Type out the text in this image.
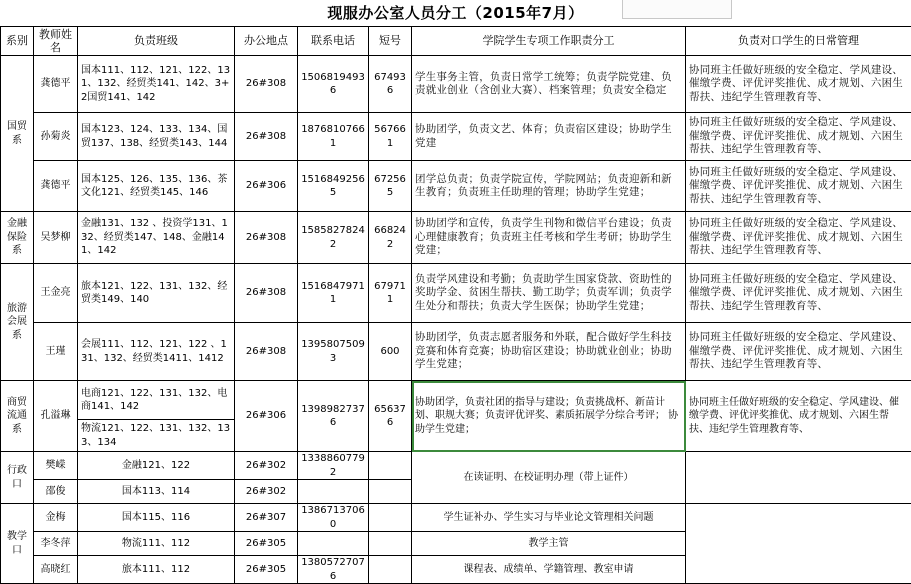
现服办公室人员分工（2015年7月）
系别	教师姓名	负责班级	办公地点	联系电话	短号	学院学生专项工作职责分工	负责对口学生的日常管理
国贸系	龚德平	国本111、112、121、122、131、132、经贸类141、142、3+2国贸141、142	26#308	15068194936	674936	学生事务主管，负责日常学工统筹；负责学院党建、负责就业创业（含创业大赛）、档案管理；负责安全稳定	协同班主任做好班级的安全稳定、学风建设、催缴学费、评优评奖推优、成才规划、六困生帮扶、违纪学生管理教育等、
	孙菊炎	国本123、124、133、134、国贸137、138、经贸类143、144	26#308	18768107661	567661	协助团学，负责文艺、体育；负责宿区建设；协助学生党建	协同班主任做好班级的安全稳定、学风建设、催缴学费、评优评奖推优、成才规划、六困生帮扶、违纪学生管理教育等、
	龚德平	国本125、126、135、136、茶文化121、经贸类145、146	26#306	15168492565	672565	团学总负责；负责学院宣传，学院网站；负责迎新和新生教育；负责班主任助理的管理；协助学生党建；	协同班主任做好班级的安全稳定、学风建设、催缴学费、评优评奖推优、成才规划、六困生帮扶、违纪学生管理教育等、
金融保险系	吴梦柳	金融131、132 、投资学131、132、经贸类147、148、金融141、142	26#308	15858278242	668242	协助团学和宣传，负责学生刊物和微信平台建设；负责心理健康教育；负责班主任考核和学生考研；协助学生党建；	协同班主任做好班级的安全稳定、学风建设、催缴学费、评优评奖推优、成才规划、六困生帮扶、违纪学生管理教育等、
旅游会展系	王金亮	旅本121、122、131、132、经贸类149、140	26#308	15168479711	679711	负责学风建设和考勤；负责助学生国家贷款、资助性的奖助学金、贫困生帮扶、勤工助学；负责军训；负责学生处分和帮扶；负责大学生医保；协助学生党建；	协同班主任做好班级的安全稳定、学风建设、催缴学费、评优评奖推优、成才规划、六困生帮扶、违纪学生管理教育等、
	王瑾	会展111、112、121、122 、131、132、经贸类1411、1412	26#308	13958075093	600	协助团学，负责志愿者服务和外联，配合做好学生科技竞赛和体育竞赛；协助宿区建设；协助就业创业；协助学生党建；	协同班主任做好班级的安全稳定、学风建设、催缴学费、评优评奖推优、成才规划、六困生帮扶、违纪学生管理教育等、
商贸流通系	孔溢琳	电商121、122、131、132、电商141、142	26#306	13989827376	656376	协助团学，负责社团的指导与建设；负责挑战杯、新苗计划、职规大赛；负责评优评奖、素质拓展学分综合考评； 协助学生党建；	协同班主任做好班级的安全稳定、学风建设、催缴学费、评优评奖推优、成才规划、六困生帮扶、违纪学生管理教育等、
		物流121、122、131、132、133、134					
行政口	樊嵘	金融121、122	26#302	13388607792		在读证明、在校证明办理（带上证件）	
	邵俊	国本113、114	26#302				
教学口	金梅	国本115、116	26#307	13867137060		学生证补办、学生实习与毕业论文管理相关问题	
	李冬萍	物流111、112	26#305			教学主管	
	高晓红	旅本111、112	26#305	13805727076		课程表、成绩单、学籍管理、教室申请	
